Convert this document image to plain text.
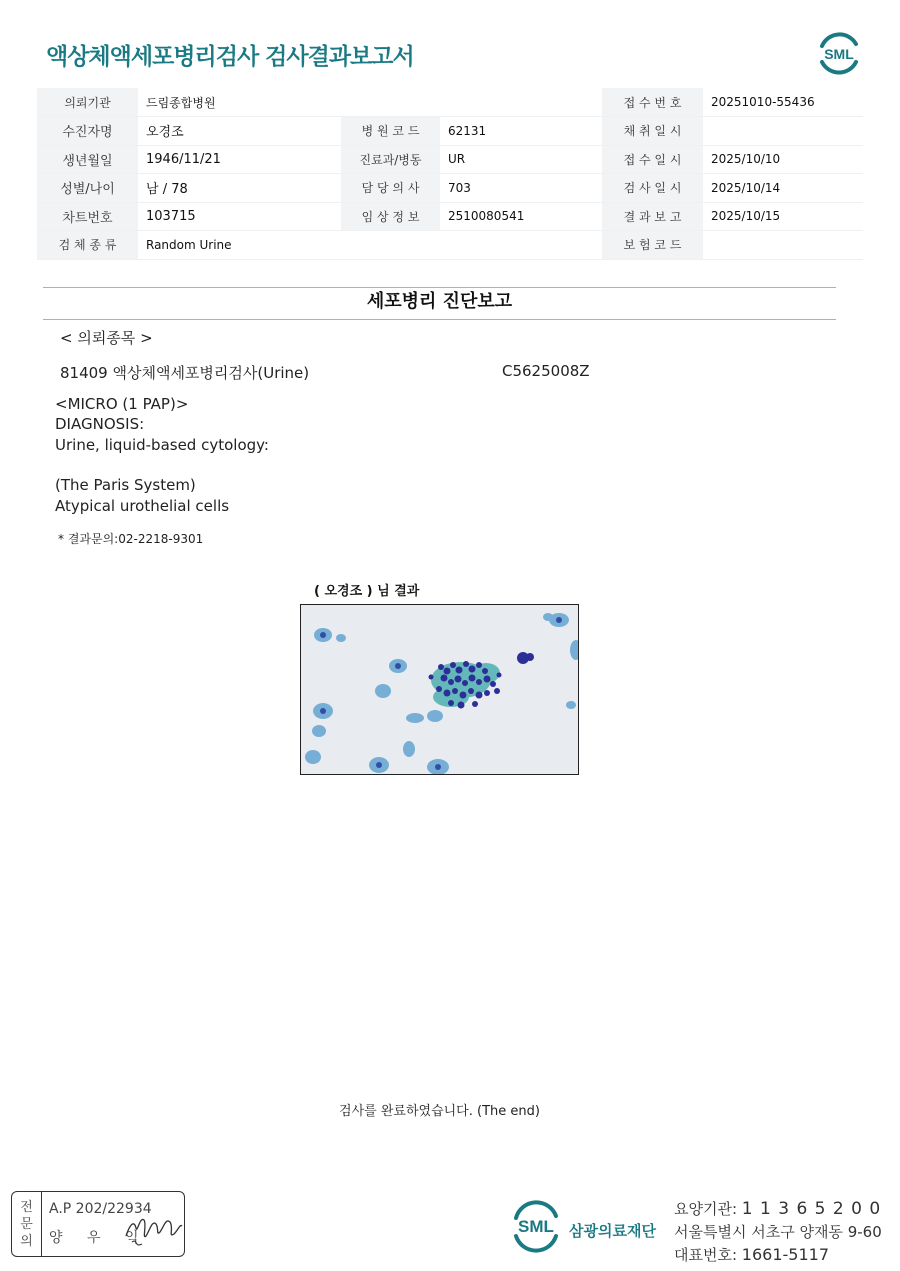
액상체액세포병리검사 검사결과보고서	SML
의뢰기관	드림종합병원			접 수 번 호	20251010-55436
수진자명	오경조	병 원 코 드	62131	채 취 일 시	
생년월일	1946/11/21	진료과/병동	UR	접 수 일 시	2025/10/10
성별/나이	남 / 78	담 당 의 사	703	검 사 일 시	2025/10/14
차트번호	103715	임 상 정 보	2510080541	결 과 보 고	2025/10/15
검 체 종 류	Random Urine			보 험 코 드	
세포병리 진단보고
< 의뢰종목 >
81409 액상체액세포병리검사(Urine)	C5625008Z
<MICRO (1 PAP)>
DIAGNOSIS:
Urine, liquid-based cytology:
(The Paris System)
Atypical urothelial cells
* 결과문의:02-2218-9301
( 오경조 ) 님 결과
검사를 완료하였습니다. (The end)
전
문
의
A.P 202/22934
양 우 익
SML 삼광의료재단
요양기관: 1 1 3 6 5 2 0 0
서울특별시 서초구 양재동 9-60
대표번호: 1661-5117
